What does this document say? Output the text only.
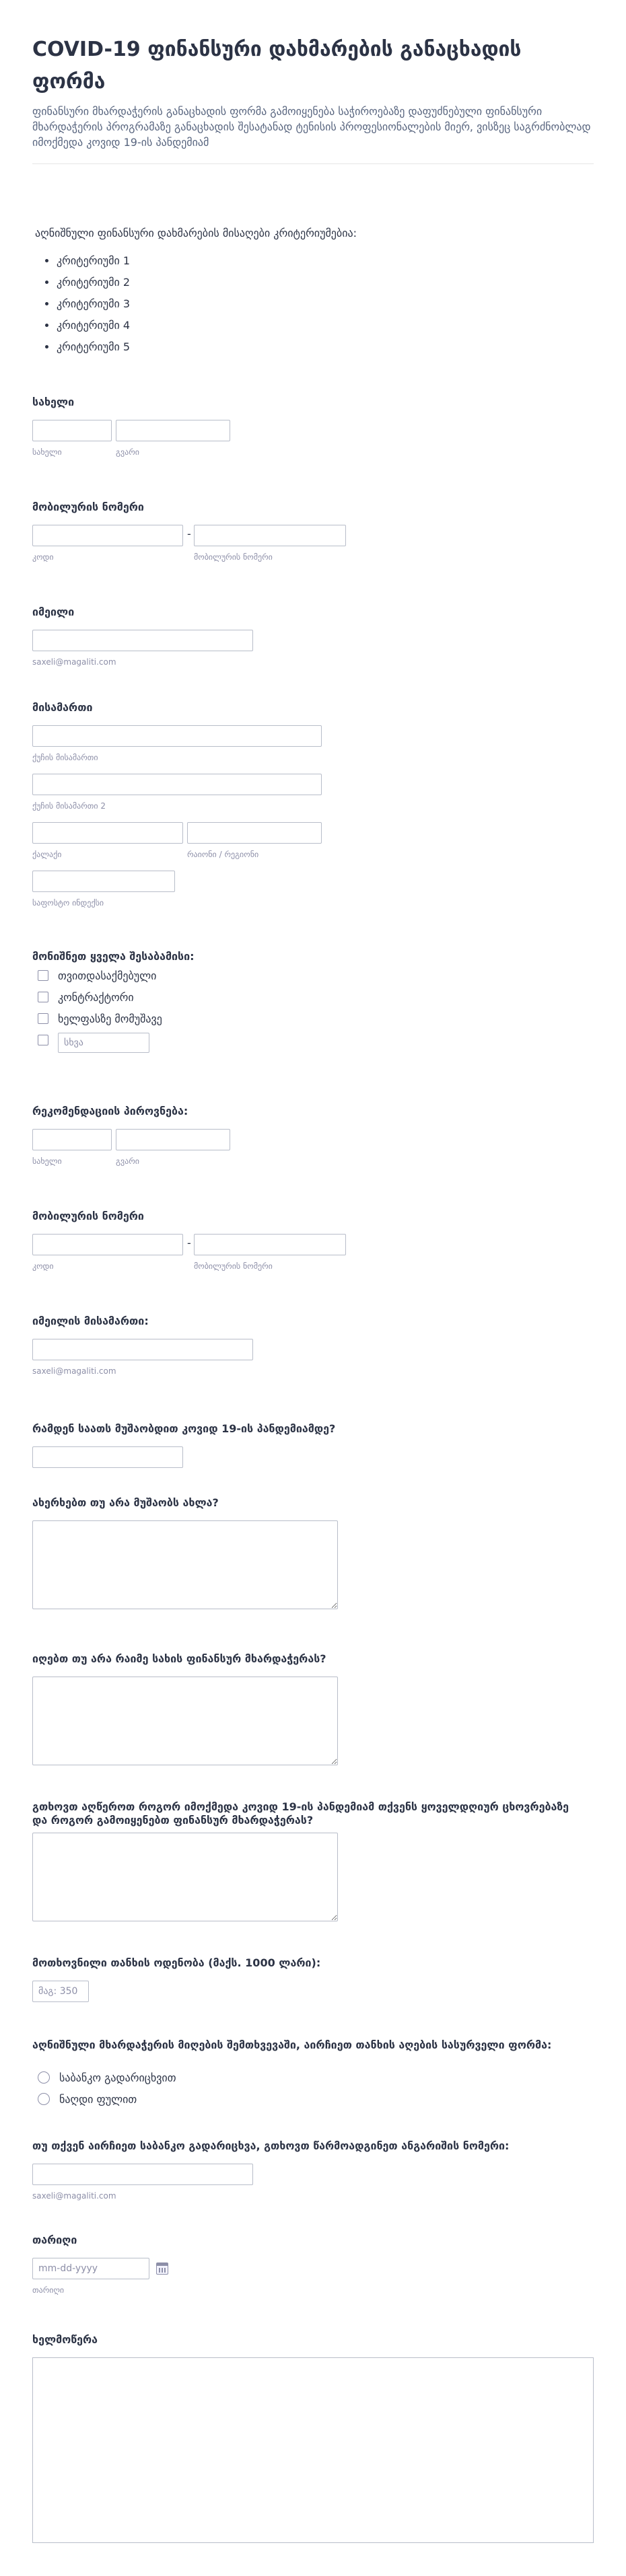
COVID-19 ფინანსური დახმარების განაცხადის ფორმა
ფინანსური მხარდაჭერის განაცხადის ფორმა გამოიყენება საჭიროებაზე დაფუძნებული ფინანსური მხარდაჭერის პროგრამაზე განაცხადის შესატანად ტენისის პროფესიონალების მიერ, ვისზეც საგრძნობლად იმოქმედა კოვიდ 19-ის პანდემიამ
აღნიშნული ფინანსური დახმარების მისაღები კრიტერიუმებია:
• კრიტერიუმი 1
• კრიტერიუმი 2
• კრიტერიუმი 3
• კრიტერიუმი 4
• კრიტერიუმი 5
სახელი
სახელი	გვარი
მობილურის ნომერი
-
კოდი	მობილურის ნომერი
იმეილი
saxeli@magaliti.com
მისამართი
ქუჩის მისამართი
ქუჩის მისამართი 2
ქალაქი	რაიონი / რეგიონი
საფოსტო ინდექსი
მონიშნეთ ყველა შესაბამისი:
თვითდასაქმებული
კონტრაქტორი
ხელფასზე მომუშავე
სხვა
რეკომენდაციის პიროვნება:
სახელი	გვარი
მობილურის ნომერი
-
კოდი	მობილურის ნომერი
იმეილის მისამართი:
saxeli@magaliti.com
რამდენ საათს მუშაობდით კოვიდ 19-ის პანდემიამდე?
ახერხებთ თუ არა მუშაობს ახლა?
იღებთ თუ არა რაიმე სახის ფინანსურ მხარდაჭერას?
გთხოვთ აღწეროთ როგორ იმოქმედა კოვიდ 19-ის პანდემიამ თქვენს ყოველდღიურ ცხოვრებაზე და როგორ გამოიყენებთ ფინანსურ მხარდაჭერას?
მოთხოვნილი თანხის ოდენობა (მაქს. 1000 ლარი):
მაგ: 350
აღნიშნული მხარდაჭერის მიღების შემთხვევაში, აირჩიეთ თანხის აღების სასურველი ფორმა:
საბანკო გადარიცხვით
ნაღდი ფულით
თუ თქვენ აირჩიეთ საბანკო გადარიცხვა, გთხოვთ წარმოადგინეთ ანგარიშის ნომერი:
saxeli@magaliti.com
თარიღი
mm-dd-yyyy
თარიღი
ხელმოწერა
